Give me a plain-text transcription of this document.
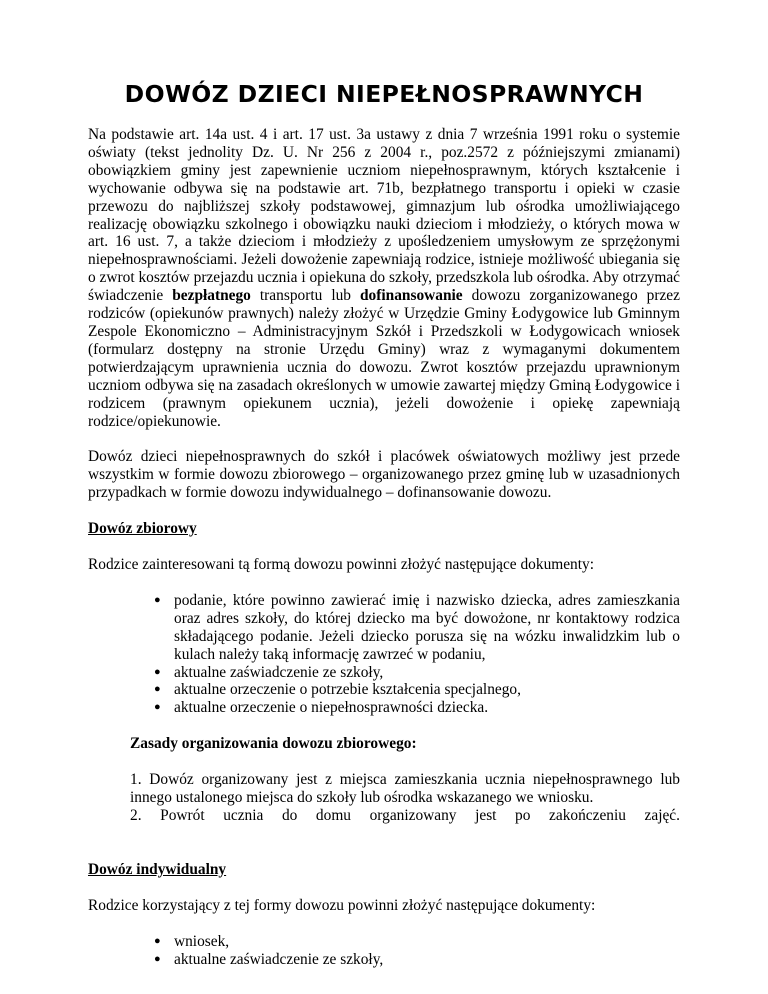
DOWÓZ DZIECI NIEPEŁNOSPRAWNYCH

Na podstawie art. 14a ust. 4 i art. 17 ust. 3a ustawy z dnia 7 września 1991 roku o systemie oświaty (tekst jednolity Dz. U. Nr 256 z 2004 r., poz.2572 z późniejszymi zmianami) obowiązkiem gminy jest zapewnienie uczniom niepełnosprawnym, których kształcenie i wychowanie odbywa się na podstawie art. 71b, bezpłatnego transportu i opieki w czasie przewozu do najbliższej szkoły podstawowej, gimnazjum lub ośrodka umożliwiającego realizację obowiązku szkolnego i obowiązku nauki dzieciom i młodzieży, o których mowa w art. 16 ust. 7, a także dzieciom i młodzieży z upośledzeniem umysłowym ze sprzężonymi niepełnosprawnościami. Jeżeli dowożenie zapewniają rodzice, istnieje możliwość ubiegania się o zwrot kosztów przejazdu ucznia i opiekuna do szkoły, przedszkola lub ośrodka. Aby otrzymać świadczenie bezpłatnego transportu lub dofinansowanie dowozu zorganizowanego przez rodziców (opiekunów prawnych) należy złożyć w Urzędzie Gminy Łodygowice lub Gminnym Zespole Ekonomiczno – Administracyjnym Szkół i Przedszkoli w Łodygowicach wniosek (formularz dostępny na stronie Urzędu Gminy) wraz z wymaganymi dokumentem potwierdzającym uprawnienia ucznia do dowozu. Zwrot kosztów przejazdu uprawnionym uczniom odbywa się na zasadach określonych w umowie zawartej między Gminą Łodygowice i rodzicem (prawnym opiekunem ucznia), jeżeli dowożenie i opiekę zapewniają rodzice/opiekunowie.

Dowóz dzieci niepełnosprawnych do szkół i placówek oświatowych możliwy jest przede wszystkim w formie dowozu zbiorowego – organizowanego przez gminę lub w uzasadnionych przypadkach w formie dowozu indywidualnego – dofinansowanie dowozu.

Dowóz zbiorowy

Rodzice zainteresowani tą formą dowozu powinni złożyć następujące dokumenty:

● podanie, które powinno zawierać imię i nazwisko dziecka, adres zamieszkania oraz adres szkoły, do której dziecko ma być dowożone, nr kontaktowy rodzica składającego podanie. Jeżeli dziecko porusza się na wózku inwalidzkim lub o kulach należy taką informację zawrzeć w podaniu,
● aktualne zaświadczenie ze szkoły,
● aktualne orzeczenie o potrzebie kształcenia specjalnego,
● aktualne orzeczenie o niepełnosprawności dziecka.
Zasady organizowania dowozu zbiorowego:

1. Dowóz organizowany jest z miejsca zamieszkania ucznia niepełnosprawnego lub innego ustalonego miejsca do szkoły lub ośrodka wskazanego we wniosku.

2. Powrót ucznia do domu organizowany jest po zakończeniu zajęć.

Dowóz indywidualny

Rodzice korzystający z tej formy dowozu powinni złożyć następujące dokumenty:

● wniosek,
● aktualne zaświadczenie ze szkoły,
